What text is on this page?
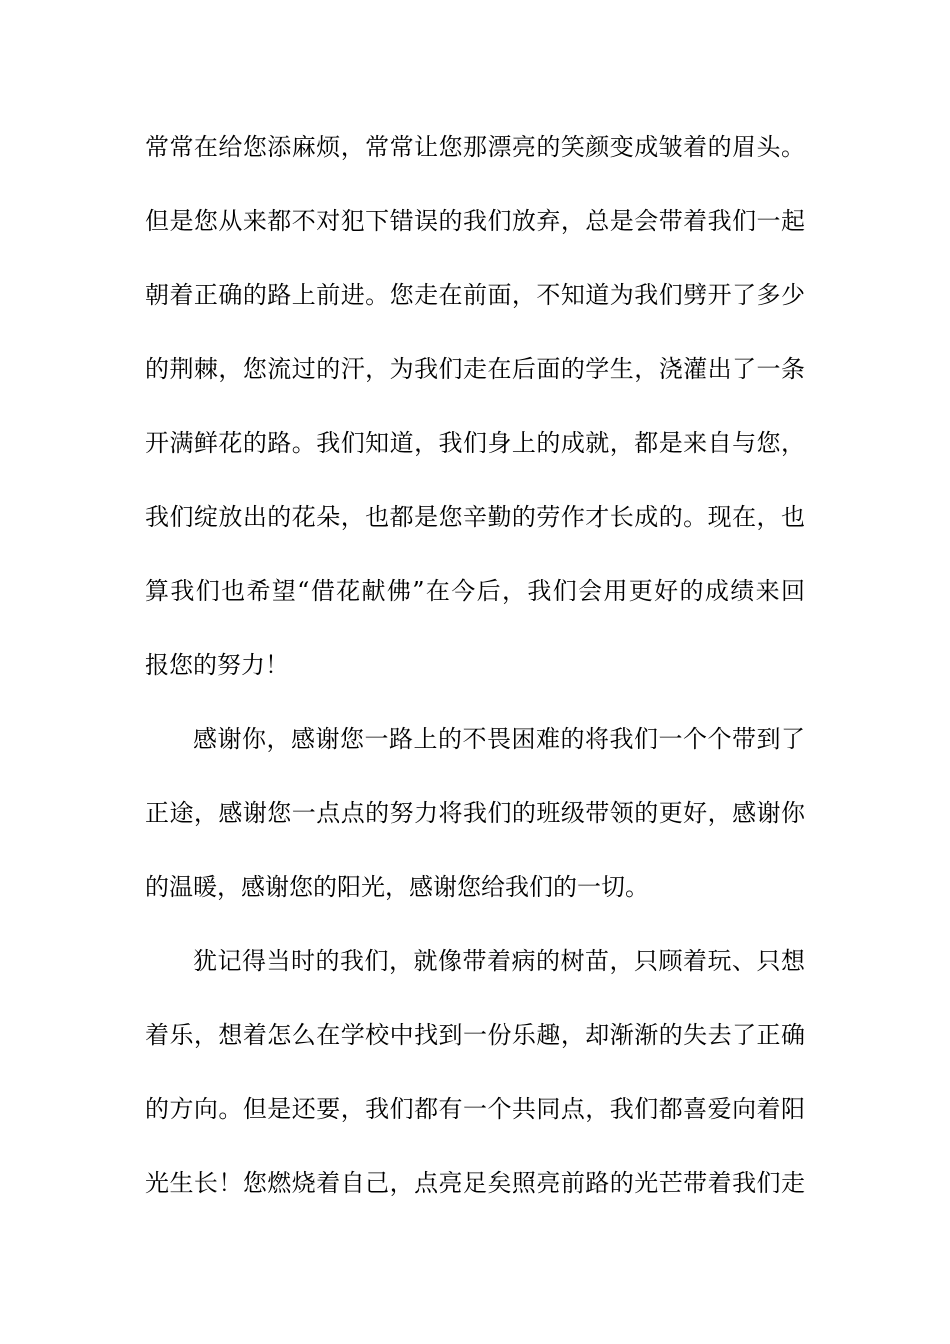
常常在给您添麻烦，常常让您那漂亮的笑颜变成皱着的眉头。
但是您从来都不对犯下错误的我们放弃，总是会带着我们一起
朝着正确的路上前进。您走在前面，不知道为我们劈开了多少
的荆棘，您流过的汗，为我们走在后面的学生，浇灌出了一条
开满鲜花的路。我们知道，我们身上的成就，都是来自与您，
我们绽放出的花朵，也都是您辛勤的劳作才长成的。现在，也
算我们也希望“借花献佛”在今后，我们会用更好的成绩来回
报您的努力！
感谢你，感谢您一路上的不畏困难的将我们一个个带到了
正途，感谢您一点点的努力将我们的班级带领的更好，感谢你
的温暖，感谢您的阳光，感谢您给我们的一切。
犹记得当时的我们，就像带着病的树苗，只顾着玩、只想
着乐，想着怎么在学校中找到一份乐趣，却渐渐的失去了正确
的方向。但是还要，我们都有一个共同点，我们都喜爱向着阳
光生长！您燃烧着自己，点亮足矣照亮前路的光芒带着我们走
